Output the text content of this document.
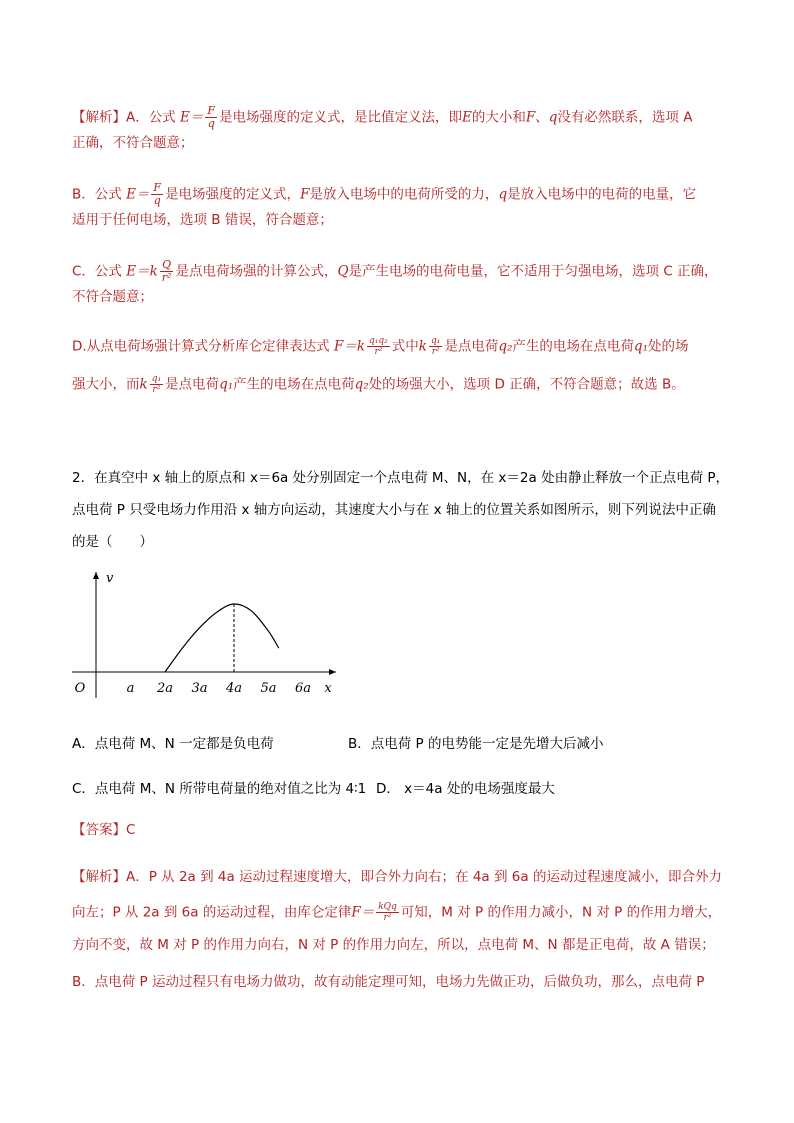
【解析】A．公式 $E= \frac{F}{q}$ 是电场强度的定义式，是比值定义法，即E的大小和F、q没有必然联系，选项 A
正确，不符合题意；
B．公式 $E= \frac{F}{q}$ 是电场强度的定义式，F是放入电场中的电荷所受的力，q是放入电场中的电荷的电量，它
适用于任何电场，选项 B 错误，符合题意；
C．公式 $E=k \frac{Q}{\text{r²}}$ 是点电荷场强的计算公式，Q是产生电场的电荷电量，它不适用于匀强电场，选项 C 正确，
不符合题意；
D.从点电荷场强计算式分析库仑定律表达式 $F=k \frac{\text{q₁q₂}}{\text{r²}}$ 式中k $\frac{\text{q₁}}{\text{r²}}$ 是点电荷q₂产生的电场在点电荷q₁处的场
强大小，而k $\frac{\text{q₁}}{\text{r²}}$ 是点电荷q₁产生的电场在点电荷q₂处的场强大小，选项 D 正确，不符合题意；故选 B。
2．在真空中 x 轴上的原点和 x＝6a 处分别固定一个点电荷 M、N，在 x＝2a 处由静止释放一个正点电荷 P，
点电荷 P 只受电场力作用沿 x 轴方向运动，其速度大小与在 x 轴上的位置关系如图所示，则下列说法中正确
的是（　　）
a 2a 3a 4a 5a 6a
O	x
v
A．点电荷 M、N 一定都是负电荷	B．点电荷 P 的电势能一定是先增大后减小
C．点电荷 M、N 所带电荷量的绝对值之比为 4∶1 D． x＝4a 处的电场强度最大
【答案】C
【解析】A．P 从 2a 到 4a 运动过程速度增大，即合外力向右；在 4a 到 6a 的运动过程速度减小，即合外力
向左；P 从 2a 到 6a 的运动过程，由库仑定律$F= \frac{\text{kQq}}{\text{r²}}$ 可知，M 对 P 的作用力减小，N 对 P 的作用力增大，
方向不变，故 M 对 P 的作用力向右，N 对 P 的作用力向左，所以，点电荷 M、N 都是正电荷，故 A 错误；
B．点电荷 P 运动过程只有电场力做功，故有动能定理可知，电场力先做正功，后做负功，那么，点电荷 P
